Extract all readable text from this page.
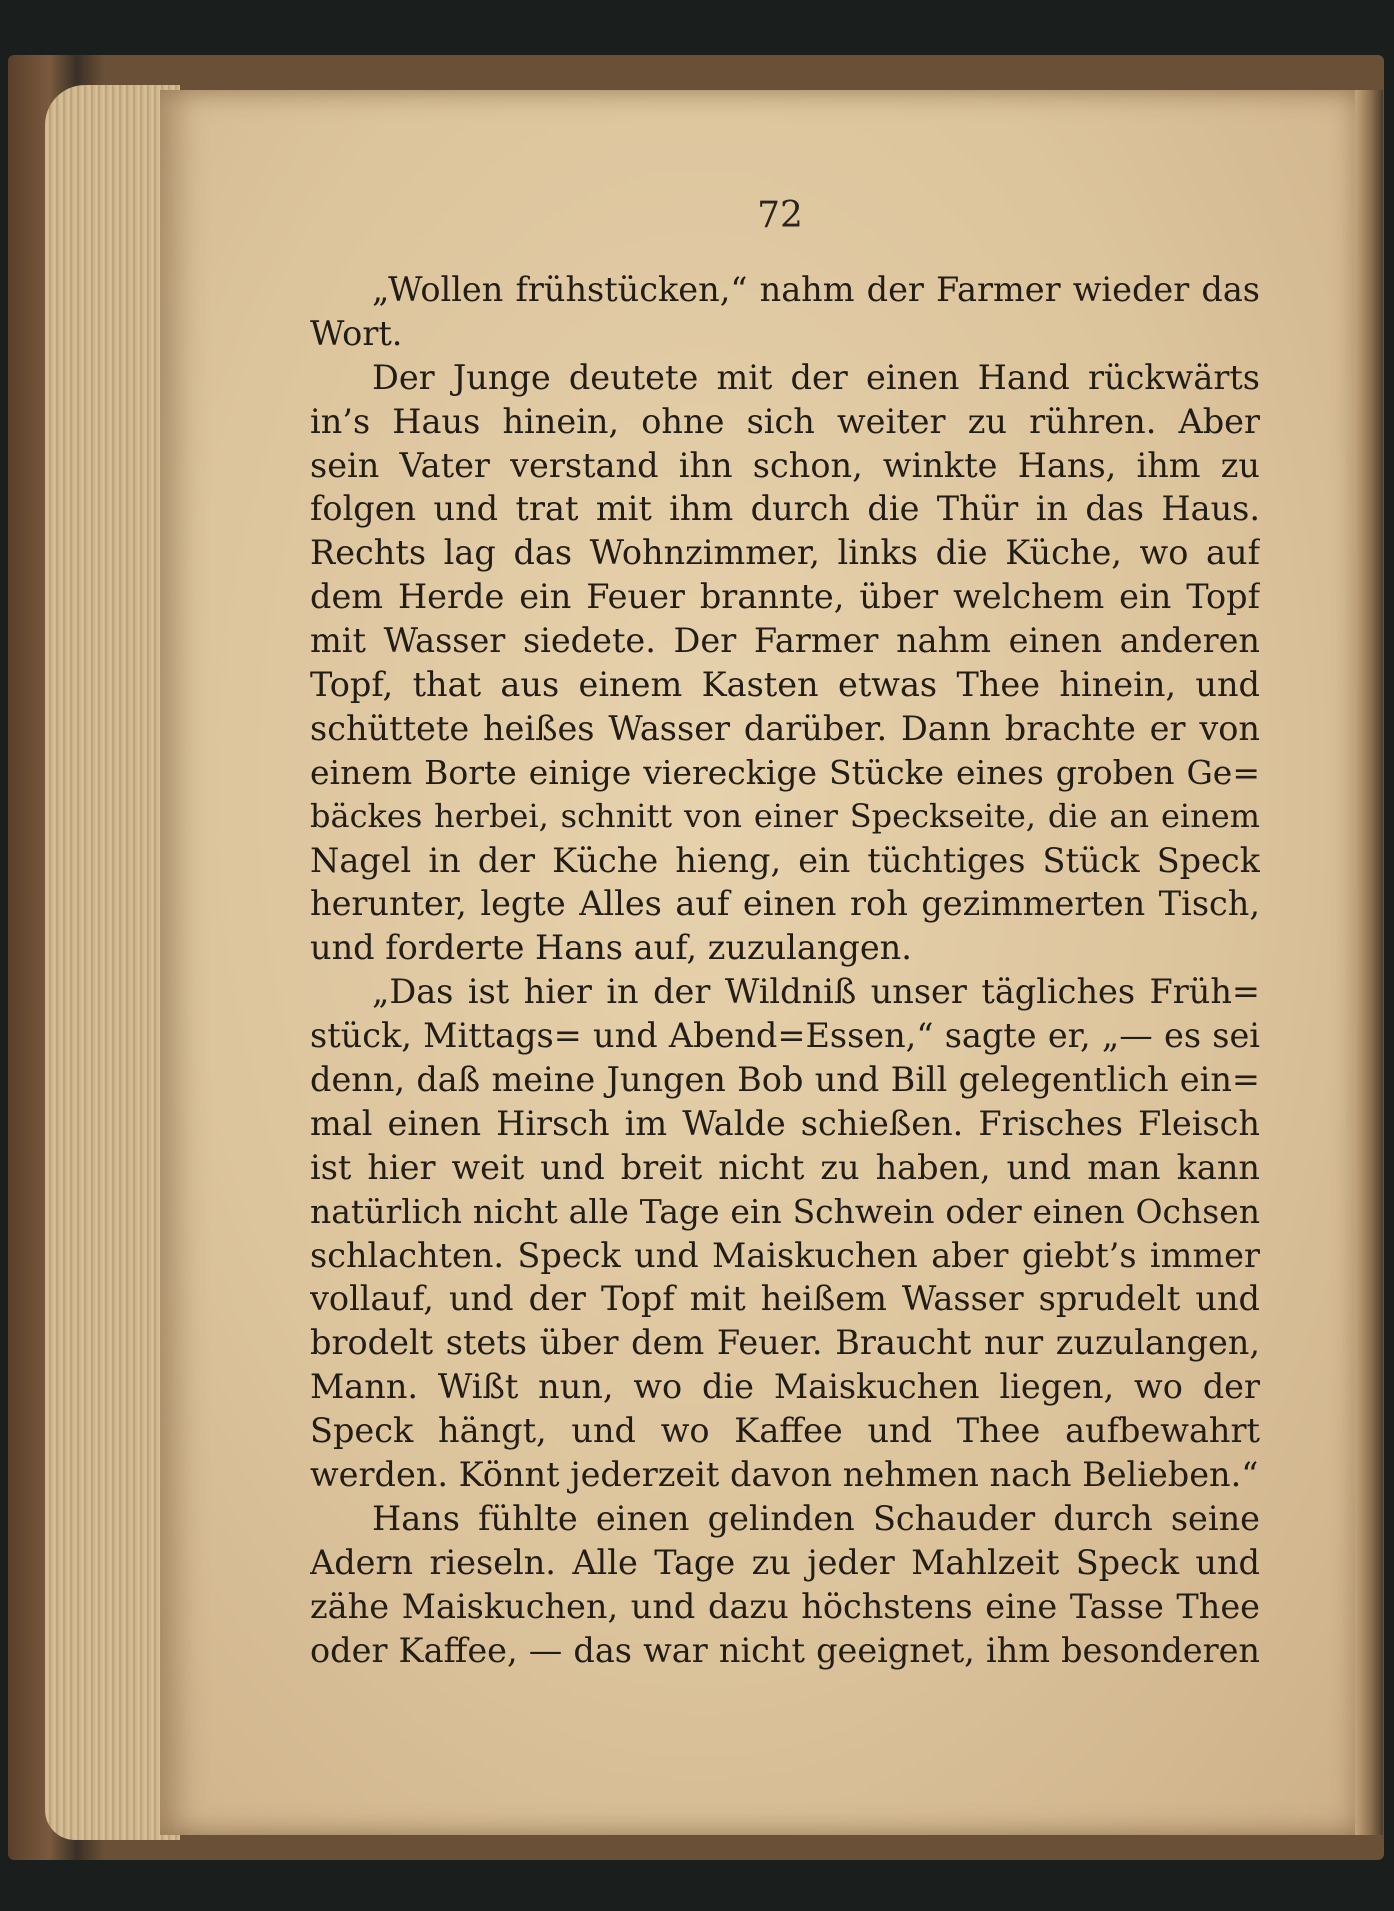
72

„Wollen frühstücken,“ nahm der Farmer wieder das
Wort.
Der Junge deutete mit der einen Hand rückwärts
in’s Haus hinein, ohne sich weiter zu rühren. Aber
sein Vater verstand ihn schon, winkte Hans, ihm zu
folgen und trat mit ihm durch die Thür in das Haus.
Rechts lag das Wohnzimmer, links die Küche, wo auf
dem Herde ein Feuer brannte, über welchem ein Topf
mit Wasser siedete. Der Farmer nahm einen anderen
Topf, that aus einem Kasten etwas Thee hinein, und
schüttete heißes Wasser darüber. Dann brachte er von
einem Borte einige viereckige Stücke eines groben Ge=
bäckes herbei, schnitt von einer Speckseite, die an einem
Nagel in der Küche hieng, ein tüchtiges Stück Speck
herunter, legte Alles auf einen roh gezimmerten Tisch,
und forderte Hans auf, zuzulangen.
„Das ist hier in der Wildniß unser tägliches Früh=
stück, Mittags= und Abend=Essen,“ sagte er, „— es sei
denn, daß meine Jungen Bob und Bill gelegentlich ein=
mal einen Hirsch im Walde schießen. Frisches Fleisch
ist hier weit und breit nicht zu haben, und man kann
natürlich nicht alle Tage ein Schwein oder einen Ochsen
schlachten. Speck und Maiskuchen aber giebt’s immer
vollauf, und der Topf mit heißem Wasser sprudelt und
brodelt stets über dem Feuer. Braucht nur zuzulangen,
Mann. Wißt nun, wo die Maiskuchen liegen, wo der
Speck hängt, und wo Kaffee und Thee aufbewahrt
werden. Könnt jederzeit davon nehmen nach Belieben.“
Hans fühlte einen gelinden Schauder durch seine
Adern rieseln. Alle Tage zu jeder Mahlzeit Speck und
zähe Maiskuchen, und dazu höchstens eine Tasse Thee
oder Kaffee, — das war nicht geeignet, ihm besonderen
